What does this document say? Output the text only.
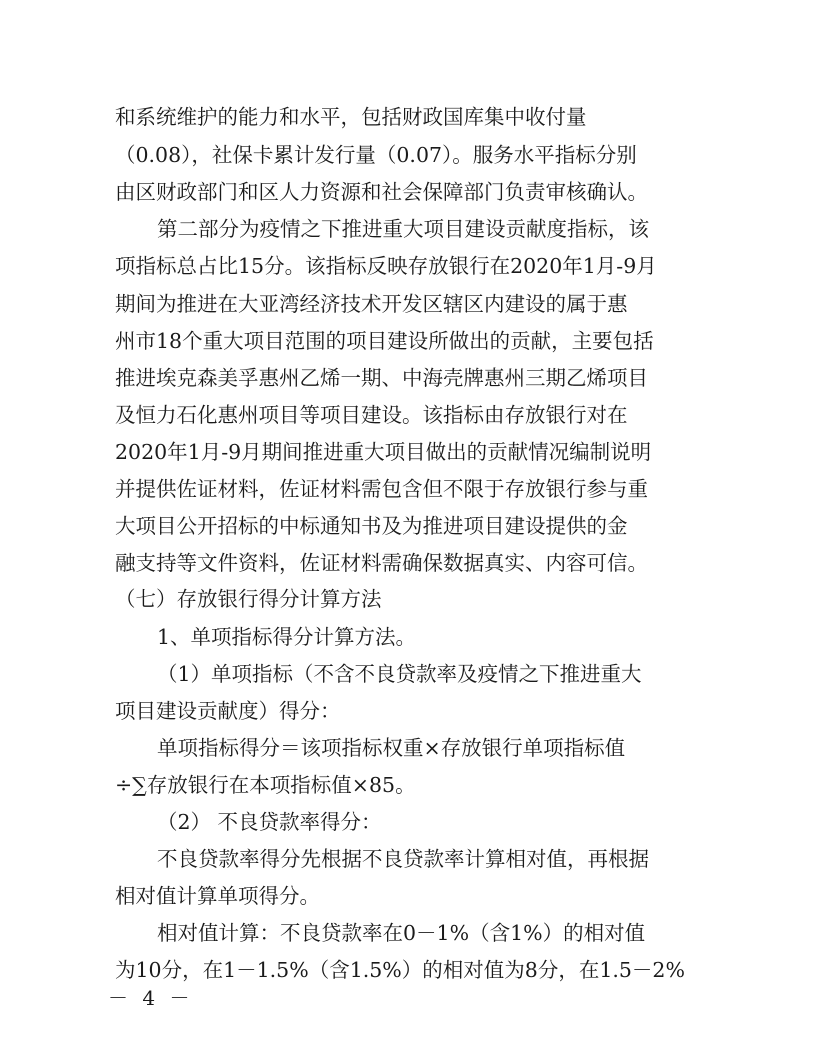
和系统维护的能力和水平，包括财政国库集中收付量
（0.08），社保卡累计发行量（0.07）。服务水平指标分别
由区财政部门和区人力资源和社会保障部门负责审核确认。
第二部分为疫情之下推进重大项目建设贡献度指标，该
项指标总占比15分。该指标反映存放银行在2020年1月-9月
期间为推进在大亚湾经济技术开发区辖区内建设的属于惠
州市18个重大项目范围的项目建设所做出的贡献，主要包括
推进埃克森美孚惠州乙烯一期、中海壳牌惠州三期乙烯项目
及恒力石化惠州项目等项目建设。该指标由存放银行对在
2020年1月-9月期间推进重大项目做出的贡献情况编制说明
并提供佐证材料，佐证材料需包含但不限于存放银行参与重
大项目公开招标的中标通知书及为推进项目建设提供的金
融支持等文件资料，佐证材料需确保数据真实、内容可信。
（七）存放银行得分计算方法
1、单项指标得分计算方法。
（1）单项指标（不含不良贷款率及疫情之下推进重大
项目建设贡献度）得分：
单项指标得分＝该项指标权重×存放银行单项指标值
÷∑存放银行在本项指标值×85。
（2） 不良贷款率得分：
不良贷款率得分先根据不良贷款率计算相对值，再根据
相对值计算单项得分。
相对值计算：不良贷款率在0－1%（含1%）的相对值
为10分，在1－1.5%（含1.5%）的相对值为8分，在1.5－2%
－ 4 －
